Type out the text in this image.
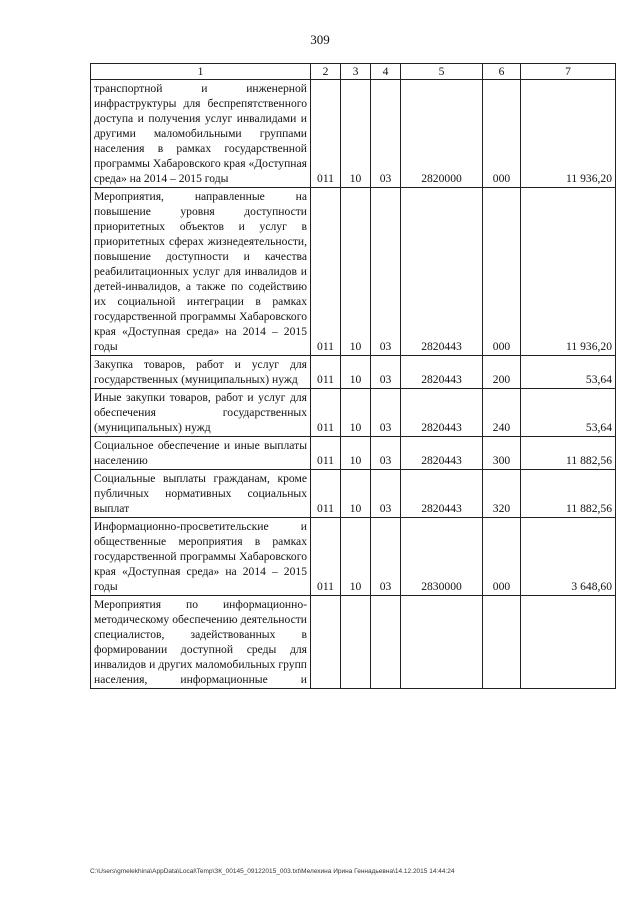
309
1	2	3	4	5	6	7
транспортной и инженерной инфраструктуры для беспрепятственного доступа и получения услуг инвалидами и другими маломобильными группами населения в рамках государственной программы Хабаровского края «Доступная среда» на 2014 – 2015 годы	011	10	03	2820000	000	11 936,20
Мероприятия, направленные на повышение уровня доступности приоритетных объектов и услуг в приоритетных сферах жизнедеятельности, повышение доступности и качества реабилитационных услуг для инвалидов и детей-инвалидов, а также по содействию их социальной интеграции в рамках государственной программы Хабаровского края «Доступная среда» на 2014 – 2015 годы	011	10	03	2820443	000	11 936,20
Закупка товаров, работ и услуг для государственных (муниципальных) нужд	011	10	03	2820443	200	53,64
Иные закупки товаров, работ и услуг для обеспечения государственных (муниципальных) нужд	011	10	03	2820443	240	53,64
Социальное обеспечение и иные выплаты населению	011	10	03	2820443	300	11 882,56
Социальные выплаты гражданам, кроме публичных нормативных социальных выплат	011	10	03	2820443	320	11 882,56
Информационно-просветительские и общественные мероприятия в рамках государственной программы Хабаровского края «Доступная среда» на 2014 – 2015 годы	011	10	03	2830000	000	3 648,60
Мероприятия по информационно-методическому обеспечению деятельности специалистов, задействованных в формировании доступной среды для инвалидов и других маломобильных групп населения, информационные и						
C:\Users\gmelekhina\AppData\Local\Temp\ЗК_00145_09122015_003.txt\Мелехина Ирина Геннадьевна\14.12.2015 14:44:24
